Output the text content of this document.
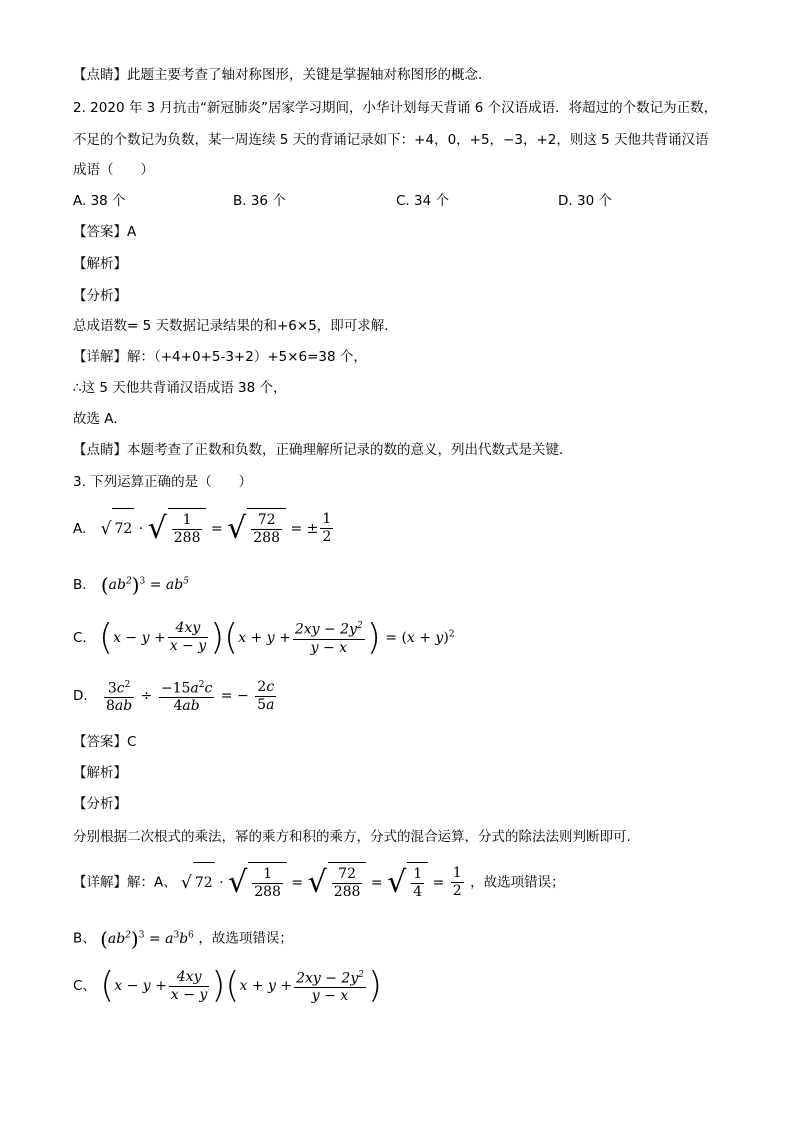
【点睛】此题主要考查了轴对称图形，关键是掌握轴对称图形的概念．
2. 2020 年 3 月抗击“新冠肺炎”居家学习期间，小华计划每天背诵 6 个汉语成语．将超过的个数记为正数，
不足的个数记为负数，某一周连续 5 天的背诵记录如下：+4，0，+5，−3，+2，则这 5 天他共背诵汉语
成语（　　）
A. 38 个	B. 36 个	C. 34 个	D. 30 个
【答案】A
【解析】
【分析】
总成语数= 5 天数据记录结果的和+6×5，即可求解．
【详解】解：（+4+0+5-3+2）+5×6=38 个，
∴这 5 天他共背诵汉语成语 38 个，
故选 A.
【点睛】本题考查了正数和负数，正确理解所记录的数的意义，列出代数式是关键．
3. 下列运算正确的是（　　）
A. √ 72 · √ $\frac{1}{288}$ = √ $\frac{72}{288}$ = ± $\frac{1}{2}$
B. $(ab^2)^3 = ab^5$
C. $(x - y + \frac{4xy}{x - y} )(x + y + \frac{2xy - 2y^2}{y - x}$ ) = $(x + y)^2$
D. $\frac{3c^2}{8ab} \div \frac{-15a^2c}{4ab}$ = − $\frac{2c}{5a}$
【答案】C
【解析】
【分析】
分别根据二次根式的乘法，幂的乘方和积的乘方，分式的混合运算，分式的除法法则判断即可.
【详解】解：A、 √ 72 · √ $\frac{1}{288}$ = √ $\frac{72}{288}$ = √ $\frac{1}{4} = \frac{1}{2}$ ，故选项错误；
B、 $(ab^2)^3 = a^3b^6$ ，故选项错误；
C、 $(x - y + \frac{4xy}{x - y} )(x + y + \frac{2xy - 2y^2}{y - x}$ )
